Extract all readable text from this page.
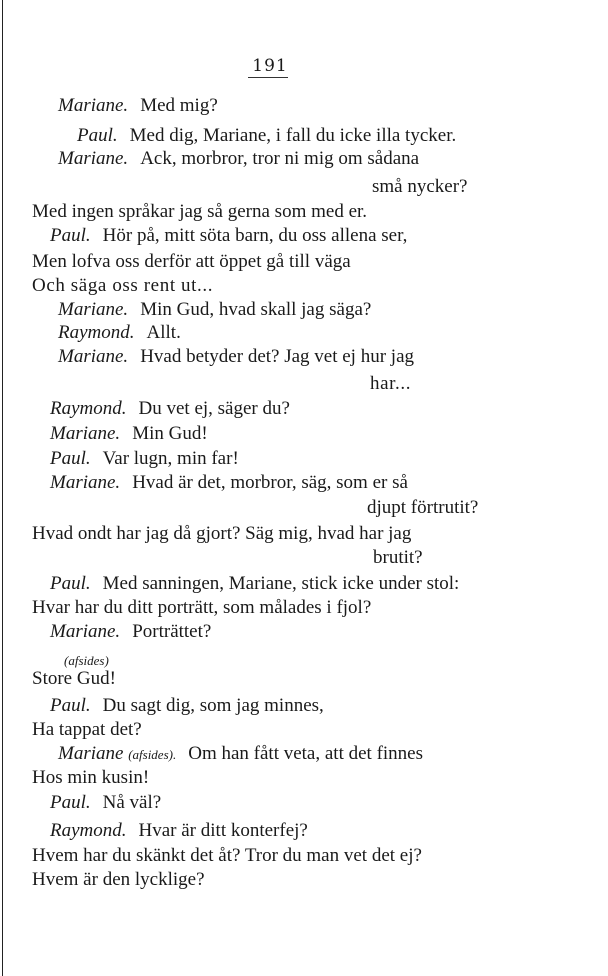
191
Mariane. Med mig?
Paul. Med dig, Mariane, i fall du icke illa tycker.
Mariane. Ack, morbror, tror ni mig om sådana
små nycker?
Med ingen språkar jag så gerna som med er.
Paul. Hör på, mitt söta barn, du oss allena ser,
Men lofva oss derför att öppet gå till väga
Och säga oss rent ut...
Mariane. Min Gud, hvad skall jag säga?
Raymond. Allt.
Mariane. Hvad betyder det? Jag vet ej hur jag
har...
Raymond. Du vet ej, säger du?
Mariane. Min Gud!
Paul. Var lugn, min far!
Mariane. Hvad är det, morbror, säg, som er så
djupt förtrutit?
Hvad ondt har jag då gjort? Säg mig, hvad har jag
brutit?
Paul. Med sanningen, Mariane, stick icke under stol:
Hvar har du ditt porträtt, som målades i fjol?
Mariane. Porträttet?
(afsides)
Store Gud!
Paul. Du sagt dig, som jag minnes,
Ha tappat det?
Mariane (afsides). Om han fått veta, att det finnes
Hos min kusin!
Paul. Nå väl?
Raymond. Hvar är ditt konterfej?
Hvem har du skänkt det åt? Tror du man vet det ej?
Hvem är den lycklige?
